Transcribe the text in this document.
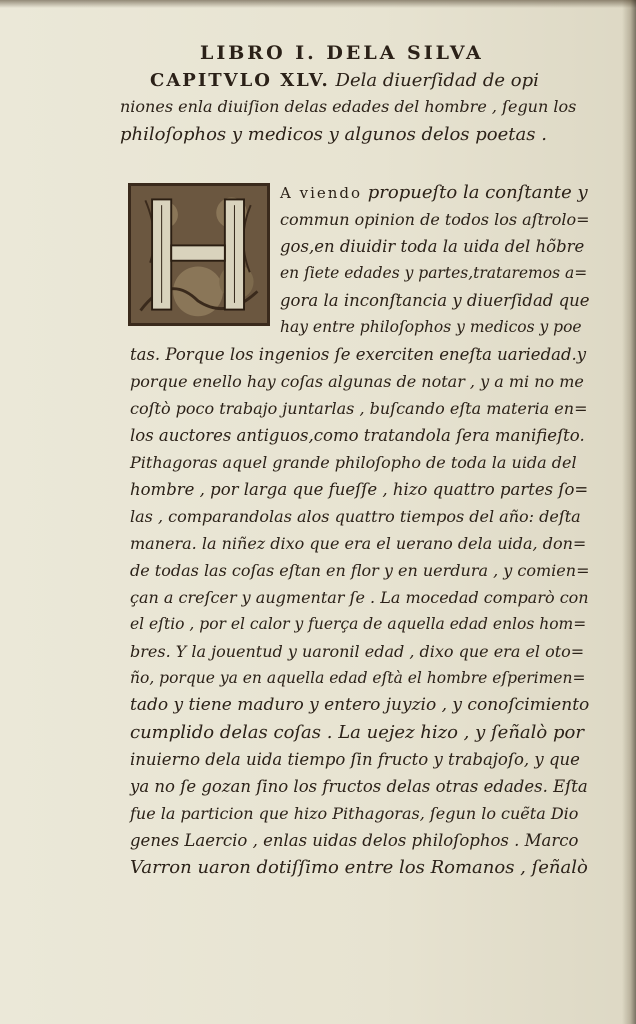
LIBRO I. DELA SILVA
CAPITVLO XLV. Dela diuerſidad de opi
niones enla diuiſion delas edades del hombre , ſegun los
philoſophos y medicos y algunos delos poetas .
A viendo propueſto la conſtante y
commun opinion de todos los aſtrolo=
gos,en diuidir toda la uida del hõbre
en ſiete edades y partes,trataremos a=
gora la inconſtancia y diuerſidad que
hay entre philoſophos y medicos y poe
tas. Porque los ingenios ſe exerciten eneſta uariedad.y
porque enello hay coſas algunas de notar , y a mi no me
coſtò poco trabajo juntarlas , buſcando eſta materia en=
los auctores antiguos,como tratandola ſera manifieſto.
Pithagoras aquel grande philoſopho de toda la uida del
hombre , por larga que fueſſe , hizo quattro partes ſo=
las , comparandolas alos quattro tiempos del año: deſta
manera. la niñez dixo que era el uerano dela uida, don=
de todas las coſas eſtan en flor y en uerdura , y comien=
çan a creſcer y augmentar ſe . La mocedad comparò con
el eſtio , por el calor y fuerça de aquella edad enlos hom=
bres. Y la jouentud y uaronil edad , dixo que era el oto=
ño, porque ya en aquella edad eſtà el hombre eſperimen=
tado y tiene maduro y entero juyzio , y conoſcimiento
cumplido delas coſas . La uejez hizo , y ſeñalò por
inuierno dela uida tiempo ſin fructo y trabajoſo, y que
ya no ſe gozan ſino los fructos delas otras edades. Eſta
fue la particion que hizo Pithagoras, ſegun lo cuẽta Dio
genes Laercio , enlas uidas delos philoſophos . Marco
Varron uaron dotiſſimo entre los Romanos , ſeñalò
